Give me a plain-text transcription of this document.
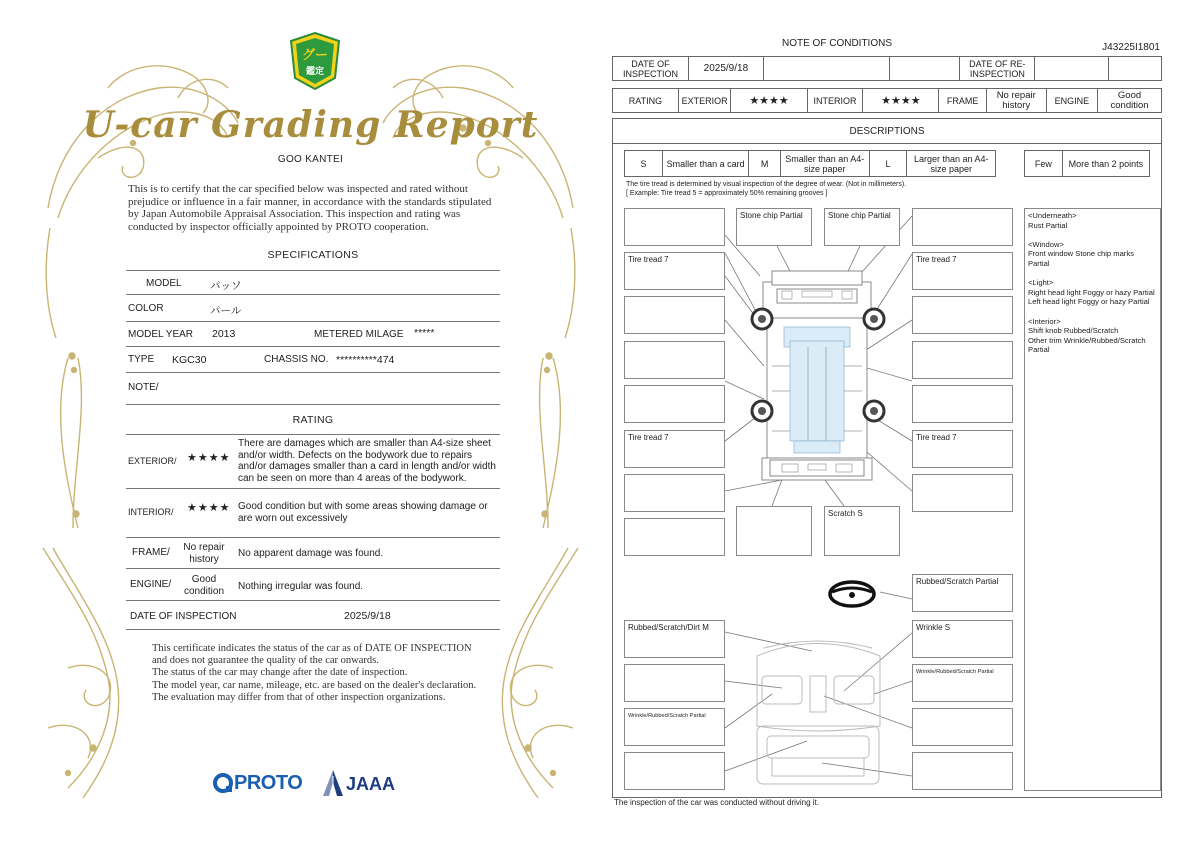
グー
鑑定
U-car Grading Report
GOO KANTEI
This is to certify that the car specified below was inspected and rated without prejudice or influence in a fair manner, in accordance with the standards stipulated by Japan Automobile Appraisal Association. This inspection and rating was conducted by inspector officially appointed by PROTO cooperation.
SPECIFICATIONS
MODEL	パッソ
COLOR	パール
MODEL YEAR 2013	METERED MILAGE *****
TYPE KGC30	CHASSIS NO. **********474
NOTE/
RATING
EXTERIOR/ ★★★★
There are damages which are smaller than A4-size sheet and/or width. Defects on the bodywork due to repairs and/or damages smaller than a card in length and/or width can be seen on more than 4 areas of the bodywork.
INTERIOR/ ★★★★ Good condition but with some areas showing damage or are worn out excessively
FRAME/	No repair history	No apparent damage was found.
ENGINE/	Good condition	Nothing irregular was found.
DATE OF INSPECTION	2025/9/18
This certificate indicates the status of the car as of DATE OF INSPECTION and does not guarantee the quality of the car onwards.
The status of the car may change after the date of inspection.
The model year, car name, mileage, etc. are based on the dealer's declaration.
The evaluation may differ from that of other inspection organizations.
PROTO JAAA
NOTE OF CONDITIONS	J43225I1801
DATE OF INSPECTION	2025/9/18			DATE OF RE-INSPECTION		
RATING	EXTERIOR	★★★★	INTERIOR	★★★★	FRAME	No repair history	ENGINE	Good condition
DESCRIPTIONS
S	Smaller than a card	M	Smaller than an A4-size paper	L	Larger than an A4-size paper	Few	More than 2 points
The tire tread is determined by visual inspection of the degree of wear. (Not in millimeters).
[ Example: Tire tread 5 = approximately 50% remaining grooves ]
Tire tread 7
Tire tread 7
Stone chip Partial	Stone chip Partial
Scratch S
Tire tread 7
Tire tread 7
Rubbed/Scratch Partial
Rubbed/Scratch/Dirt M	Wrinkle S
Wrinkle/Rubbed/Scratch Partial
Wrinkle/Rubbed/Scratch Partial
<Underneath>

Rust Partial
<Window>

Front window Stone chip marks Partial
<Light>
Right head light Foggy or hazy Partial

Left head light Foggy or hazy Partial
<Interior>
Shift knob Rubbed/Scratch
Other trim Wrinkle/Rubbed/Scratch Partial
The inspection of the car was conducted without driving it.
